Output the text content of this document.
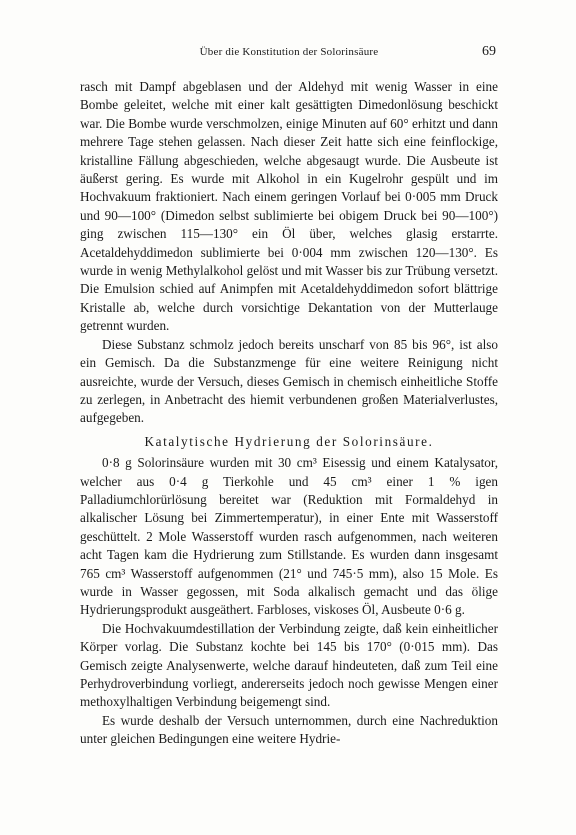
Über die Konstitution der Solorinsäure	69

rasch mit Dampf abgeblasen und der Aldehyd mit wenig Wasser in eine Bombe geleitet, welche mit einer kalt gesättigten Dimedonlösung beschickt war. Die Bombe wurde verschmolzen, einige Minuten auf 60° erhitzt und dann mehrere Tage stehen gelassen. Nach dieser Zeit hatte sich eine feinflockige, kristalline Fällung abgeschieden, welche abgesaugt wurde. Die Ausbeute ist äußerst gering. Es wurde mit Alkohol in ein Kugelrohr gespült und im Hochvakuum fraktioniert. Nach einem geringen Vorlauf bei 0·005 mm Druck und 90—100° (Dimedon selbst sublimierte bei obigem Druck bei 90—100°) ging zwischen 115—130° ein Öl über, welches glasig erstarrte. Acetaldehyddimedon sublimierte bei 0·004 mm zwischen 120—130°. Es wurde in wenig Methylalkohol gelöst und mit Wasser bis zur Trübung versetzt. Die Emulsion schied auf Animpfen mit Acetaldehyddimedon sofort blättrige Kristalle ab, welche durch vorsichtige Dekantation von der Mutterlauge getrennt wurden.

Diese Substanz schmolz jedoch bereits unscharf von 85 bis 96°, ist also ein Gemisch. Da die Substanzmenge für eine weitere Reinigung nicht ausreichte, wurde der Versuch, dieses Gemisch in chemisch einheitliche Stoffe zu zerlegen, in Anbetracht des hiemit verbundenen großen Materialverlustes, aufgegeben.

Katalytische Hydrierung der Solorinsäure.

0·8 g Solorinsäure wurden mit 30 cm³ Eisessig und einem Katalysator, welcher aus 0·4 g Tierkohle und 45 cm³ einer 1 % igen Palladiumchlorürlösung bereitet war (Reduktion mit Formaldehyd in alkalischer Lösung bei Zimmertemperatur), in einer Ente mit Wasserstoff geschüttelt. 2 Mole Wasserstoff wurden rasch aufgenommen, nach weiteren acht Tagen kam die Hydrierung zum Stillstande. Es wurden dann insgesamt 765 cm³ Wasserstoff aufgenommen (21° und 745·5 mm), also 15 Mole. Es wurde in Wasser gegossen, mit Soda alkalisch gemacht und das ölige Hydrierungsprodukt ausgeäthert. Farbloses, viskoses Öl, Ausbeute 0·6 g.

Die Hochvakuumdestillation der Verbindung zeigte, daß kein einheitlicher Körper vorlag. Die Substanz kochte bei 145 bis 170° (0·015 mm). Das Gemisch zeigte Analysenwerte, welche darauf hindeuteten, daß zum Teil eine Perhydroverbindung vorliegt, andererseits jedoch noch gewisse Mengen einer methoxylhaltigen Verbindung beigemengt sind.

Es wurde deshalb der Versuch unternommen, durch eine Nachreduktion unter gleichen Bedingungen eine weitere Hydrie-
